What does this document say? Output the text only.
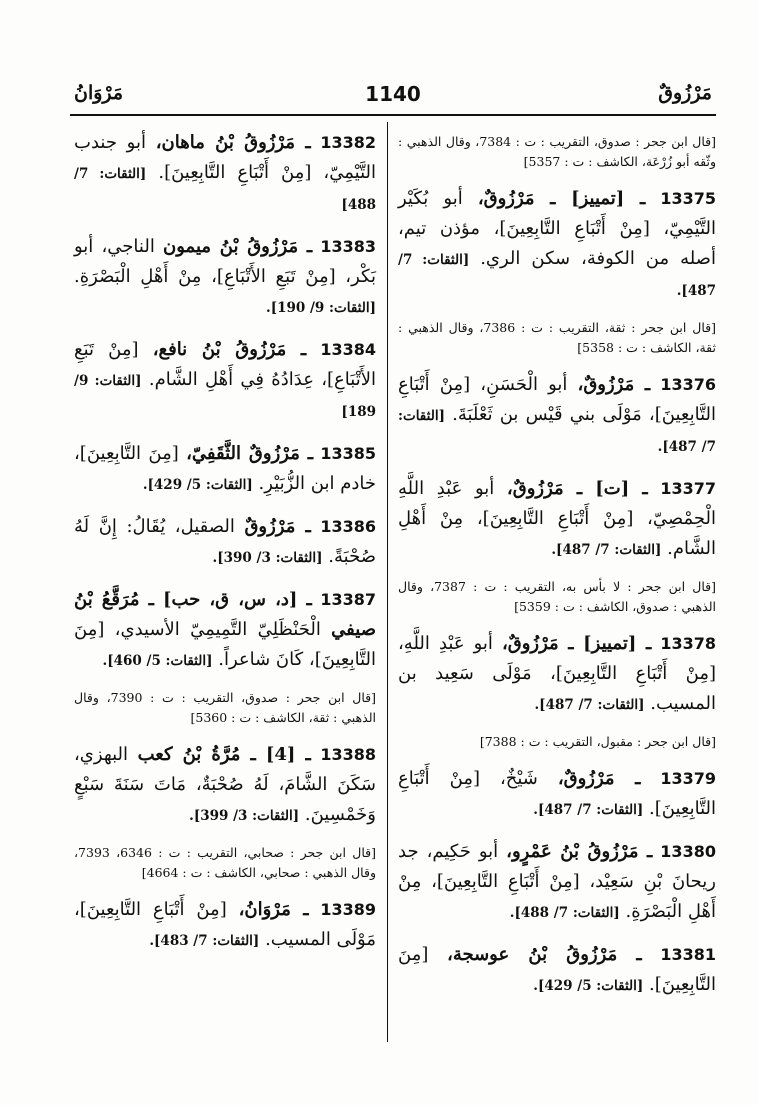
مَرْزُوقٌ
1140
مَرْوَانُ
[قال ابن جحر : صدوق، التقريب : ت : 7384، وقال الذهبي : وثّقه أبو زُرْعَة، الكاشف : ت : 5357]
13375 ـ [تمييز] ـ مَرْزُوقٌ، أبو بُكَيْر التَّيْمِيّ، [مِنْ أَتْبَاعِ التَّابِعِينَ]، مؤذن تيم، أصله من الكوفة، سكن الري. [الثقات: 7/ 487].
[قال ابن جحر : ثقة، التقريب : ت : 7386، وقال الذهبي : ثقة، الكاشف : ت : 5358]
13376 ـ مَرْزُوقٌ، أبو الْحَسَنِ، [مِنْ أَتْبَاعِ التَّابِعِينَ]، مَوْلَى بني قَيْس بن ثَعْلَبَةَ. [الثقات: 7/ 487].
13377 ـ [ت] ـ مَرْزُوقٌ، أبو عَبْدِ اللَّهِ الْحِمْصِيّ، [مِنْ أَتْبَاعِ التَّابِعِينَ]، مِنْ أَهْلِ الشَّام. [الثقات: 7/ 487].
[قال ابن جحر : لا بأس به، التقريب : ت : 7387، وقال الذهبي : صدوق، الكاشف : ت : 5359]
13378 ـ [تمييز] ـ مَرْزُوقٌ، أبو عَبْدِ اللَّهِ، [مِنْ أَتْبَاعِ التَّابِعِينَ]، مَوْلَى سَعِيد بن المسيب. [الثقات: 7/ 487].
[قال ابن جحر : مقبول، التقريب : ت : 7388]
13379 ـ مَرْزُوقٌ، شَيْخٌ، [مِنْ أَتْبَاعِ التَّابِعِينَ]. [الثقات: 7/ 487].
13380 ـ مَرْزُوقُ بْنُ عَمْرٍو، أبو حَكِيم، جد ريحانَ بْنِ سَعِيْد، [مِنْ أَتْبَاعِ التَّابِعِينَ]، مِنْ أَهْلِ الْبَصْرَةِ. [الثقات: 7/ 488].
13381 ـ مَرْزُوقُ بْنُ عوسجة، [مِنَ التَّابِعِينَ]. [الثقات: 5/ 429].
13382 ـ مَرْزُوقُ بْنُ ماهان، أبو جندب التَّيْمِيّ، [مِنْ أَتْبَاعِ التَّابِعِينَ]. [الثقات: 7/ 488]
13383 ـ مَرْزُوقُ بْنُ ميمون الناجي، أبو بَكْر، [مِنْ تَبَعِ الأَتْبَاعِ]، مِنْ أَهْلِ الْبَصْرَةِ. [الثقات: 9/ 190].
13384 ـ مَرْزُوقُ بْنُ نافع، [مِنْ تَبَعِ الأَتْبَاعِ]، عِدَادُهُ فِي أَهْلِ الشَّام. [الثقات: 9/ 189]
13385 ـ مَرْزُوقٌ الثَّقَفِيّ، [مِنَ التَّابِعِينَ]، خادم ابن الزُّبَيْرِ. [الثقات: 5/ 429].
13386 ـ مَرْزُوقٌ الصقيل، يُقَالُ: إِنَّ لَهُ صُحْبَةً. [الثقات: 3/ 390].
13387 ـ [د، س، ق، حب] ـ مُرَقَّعُ بْنُ صيفي الْحَنْظَلِيّ التَّمِيمِيّ الأسيدي، [مِنَ التَّابِعِينَ]، كَانَ شاعراً. [الثقات: 5/ 460].
[قال ابن جحر : صدوق، التقريب : ت : 7390، وقال الذهبي : ثقة، الكاشف : ت : 5360]
13388 ـ [4] ـ مُرَّةُ بْنُ كعب البهزي، سَكَنَ الشَّامَ، لَهُ صُحْبَةٌ، مَاتَ سَنَةَ سَبْعٍ وَخَمْسِينَ. [الثقات: 3/ 399].
[قال ابن جحر : صحابي، التقريب : ت : 6346، 7393، وقال الذهبي : صحابي، الكاشف : ت : 4664]
13389 ـ مَرْوَانُ، [مِنْ أَتْبَاعِ التَّابِعِينَ]، مَوْلَى المسيب. [الثقات: 7/ 483].
